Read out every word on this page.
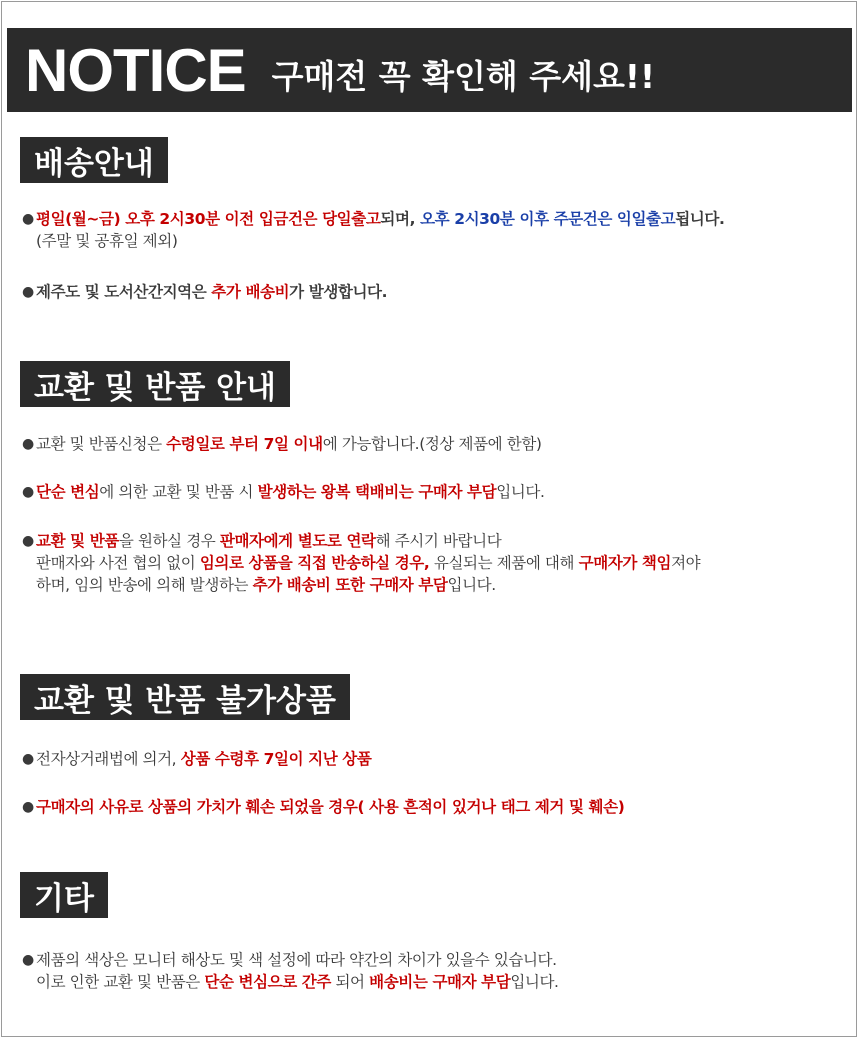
NOTICE 구매전 꼭 확인해 주세요!!
배송안내
● 평일(월~금) 오후 2시30분 이전 입금건은 당일출고되며, 오후 2시30분 이후 주문건은 익일출고됩니다.
(주말 및 공휴일 제외)
● 제주도 및 도서산간지역은 추가 배송비가 발생합니다.
교환 및 반품 안내
● 교환 및 반품신청은 수령일로 부터 7일 이내에 가능합니다.(정상 제품에 한함)
● 단순 변심에 의한 교환 및 반품 시 발생하는 왕복 택배비는 구매자 부담입니다.
● 교환 및 반품을 원하실 경우 판매자에게 별도로 연락해 주시기 바랍니다
판매자와 사전 협의 없이 임의로 상품을 직접 반송하실 경우, 유실되는 제품에 대해 구매자가 책임져야
하며, 임의 반송에 의해 발생하는 추가 배송비 또한 구매자 부담입니다.
교환 및 반품 불가상품
● 전자상거래법에 의거, 상품 수령후 7일이 지난 상품
● 구매자의 사유로 상품의 가치가 훼손 되었을 경우( 사용 흔적이 있거나 태그 제거 및 훼손)
기타
● 제품의 색상은 모니터 해상도 및 색 설정에 따라 약간의 차이가 있을수 있습니다.
이로 인한 교환 및 반품은 단순 변심으로 간주 되어 배송비는 구매자 부담입니다.
